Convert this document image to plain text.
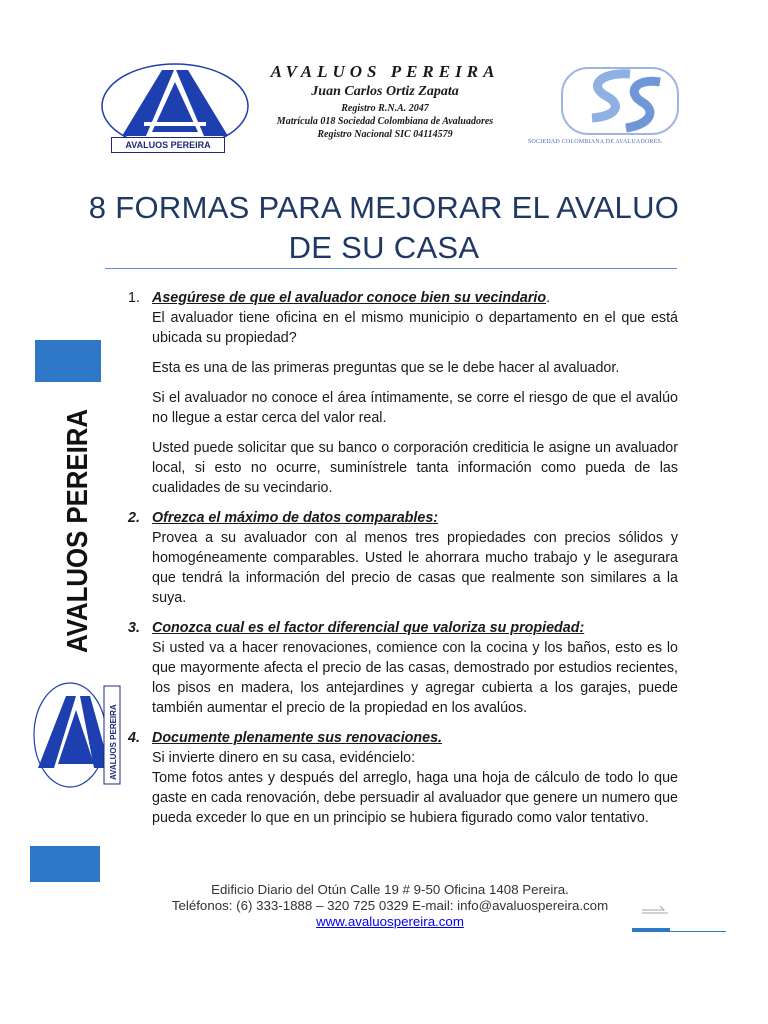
AVALUOS PEREIRA
AVALUOS PEREIRA
Juan Carlos Ortiz Zapata
Registro R.N.A. 2047
Matrícula 018 Sociedad Colombiana de Avaluadores
Registro Nacional SIC 04114579
SOCIEDAD COLOMBIANA DE AVALUADORES.
8 FORMAS PARA MEJORAR EL AVALUO
DE SU CASA
AVALUOS PEREIRA
AVALUOS PEREIRA
1. Asegúrese de que el avaluador conoce bien su vecindario.

El avaluador tiene oficina en el mismo municipio o departamento en el que está ubicada su propiedad?

Esta es una de las primeras preguntas que se le debe hacer al avaluador.

Si el avaluador no conoce el área íntimamente, se corre el riesgo de que el avalúo no llegue a estar cerca del valor real.

Usted puede solicitar que su banco o corporación crediticia le asigne un avaluador local, si esto no ocurre, suminístrele tanta información como pueda de las cualidades de su vecindario.

2. Ofrezca el máximo de datos comparables:

Provea a su avaluador con al menos tres propiedades con precios sólidos y homogéneamente comparables. Usted le ahorrara mucho trabajo y le asegurara que tendrá la información del precio de casas que realmente son similares a la suya.

3. Conozca cual es el factor diferencial que valoriza su propiedad:

Si usted va a hacer renovaciones, comience con la cocina y los baños, esto es lo que mayormente afecta el precio de las casas, demostrado por estudios recientes, los pisos en madera, los antejardines y agregar cubierta a los garajes, puede también aumentar el precio de la propiedad en los avalúos.

4. Documente plenamente sus renovaciones.

Si invierte dinero en su casa, evidéncielo:

Tome fotos antes y después del arreglo, haga una hoja de cálculo de todo lo que gaste en cada renovación, debe persuadir al avaluador que genere un numero que pueda exceder lo que en un principio se hubiera figurado como valor tentativo.

Edificio Diario del Otún Calle 19 # 9-50 Oficina 1408 Pereira.
Teléfonos: (6) 333-1888 – 320 725 0329 E-mail: info@avaluospereira.com
www.avaluospereira.com
